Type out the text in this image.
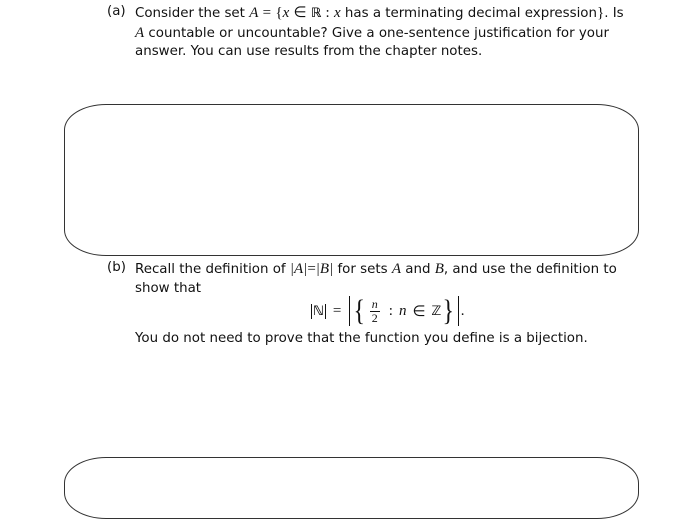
(a) Consider the set A = {x ∈ ℝ : x has a terminating decimal expression}. Is A countable or uncountable? Give a one-sentence justification for your answer. You can use results from the chapter notes.
(b) Recall the definition of |A|=|B| for sets A and B, and use the definition to show that
ℕ = { $\frac{n}{2}$ : n ∈ ℤ } .
You do not need to prove that the function you define is a bijection.
